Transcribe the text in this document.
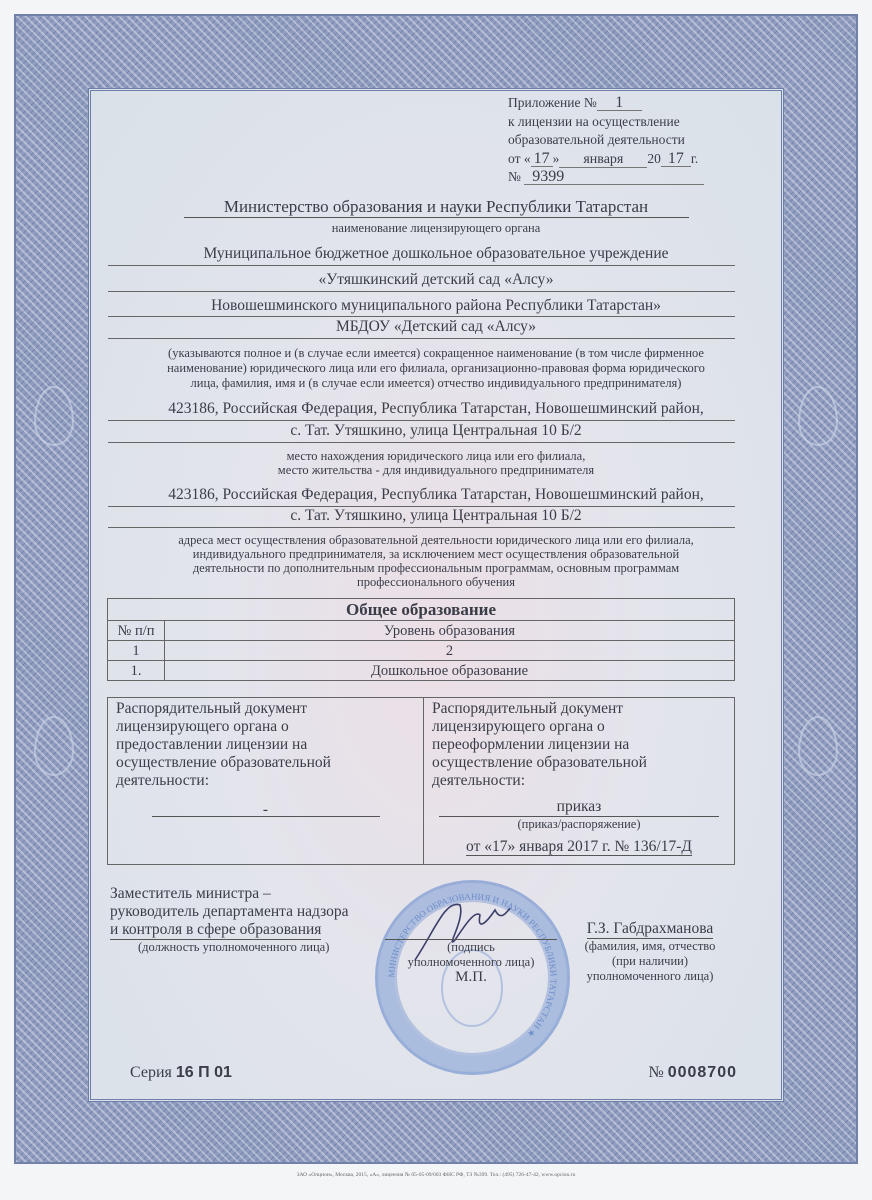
Приложение № 1
к лицензии на осуществление
образовательной деятельности
от « 17 » января 20 17 г.
№ 9399
Министерство образования и науки Республики Татарстан
наименование лицензирующего органа
Муниципальное бюджетное дошкольное образовательное учреждение
«Утяшкинский детский сад «Алсу»
Новошешминского муниципального района Республики Татарстан»
МБДОУ «Детский сад «Алсу»
(указываются полное и (в случае если имеется) сокращенное наименование (в том числе фирменное
наименование) юридического лица или его филиала, организационно-правовая форма юридического
лица, фамилия, имя и (в случае если имеется) отчество индивидуального предпринимателя)
423186, Российская Федерация, Республика Татарстан, Новошешминский район,
с. Тат. Утяшкино, улица Центральная 10 Б/2
место нахождения юридического лица или его филиала,
место жительства - для индивидуального предпринимателя
423186, Российская Федерация, Республика Татарстан, Новошешминский район,
с. Тат. Утяшкино, улица Центральная 10 Б/2
адреса мест осуществления образовательной деятельности юридического лица или его филиала,
индивидуального предпринимателя, за исключением мест осуществления образовательной
деятельности по дополнительным профессиональным программам, основным программам
профессионального обучения
Общее образование	
№ п/п	Уровень образования
1	2
1.	Дошкольное образование
Распорядительный документ
лицензирующего органа о
предоставлении лицензии на
осуществление образовательной
деятельности:
-
Распорядительный документ
лицензирующего органа о
переоформлении лицензии на
осуществление образовательной
деятельности:
приказ
(приказ/распоряжение)
от «17» января 2017 г. № 136/17-Д
МИНИСТЕРСТВО ОБРАЗОВАНИЯ И НАУКИ РЕСПУБЛИКИ ТАТАРСТАН ★
Заместитель министра –
руководитель департамента надзора
и контроля в сфере образования
(должность уполномоченного лица)	(подпись
уполномоченного лица)
М.П.
Г.З. Габдрахманова
(фамилия, имя, отчество
(при наличии)
уполномоченного лица)
Серия 16 П 01	№ 0008700
ЗАО «Опцион», Москва, 2015, «А», лицензия № 05-05-09/003 ФНС РФ, ТЗ №399. Тел.: (495) 726-47-42, www.opcion.ru
